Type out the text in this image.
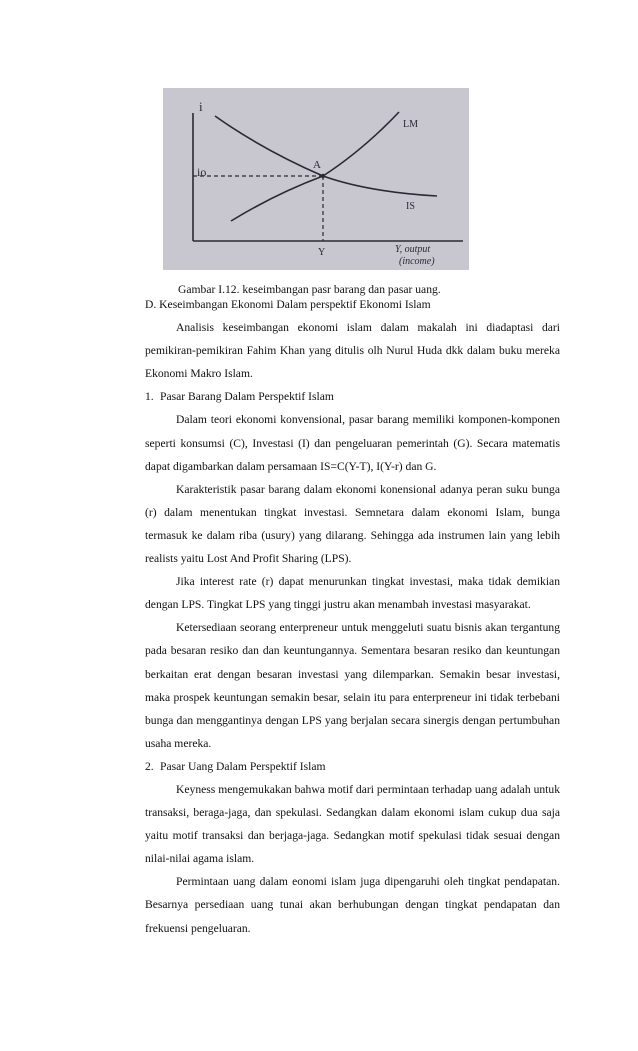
i
io	A
LM
IS
Y	Y, output
(income)
Gambar I.12. keseimbangan pasr barang dan pasar uang.

D. Keseimbangan Ekonomi Dalam perspektif Ekonomi Islam

Analisis keseimbangan ekonomi islam dalam makalah ini diadaptasi dari pemikiran-pemikiran Fahim Khan yang ditulis olh Nurul Huda dkk dalam buku mereka Ekonomi Makro Islam.

1. Pasar Barang Dalam Perspektif Islam

Dalam teori ekonomi konvensional, pasar barang memiliki komponen-komponen seperti konsumsi (C), Investasi (I) dan pengeluaran pemerintah (G). Secara matematis dapat digambarkan dalam persamaan IS=C(Y-T), I(Y-r) dan G.

Karakteristik pasar barang dalam ekonomi konensional adanya peran suku bunga (r) dalam menentukan tingkat investasi. Semnetara dalam ekonomi Islam, bunga termasuk ke dalam riba (usury) yang dilarang. Sehingga ada instrumen lain yang lebih realists yaitu Lost And Profit Sharing (LPS).

Jika interest rate (r) dapat menurunkan tingkat investasi, maka tidak demikian dengan LPS. Tingkat LPS yang tinggi justru akan menambah investasi masyarakat.

Ketersediaan seorang enterpreneur untuk menggeluti suatu bisnis akan tergantung pada besaran resiko dan dan keuntungannya. Sementara besaran resiko dan keuntungan berkaitan erat dengan besaran investasi yang dilemparkan. Semakin besar investasi, maka prospek keuntungan semakin besar, selain itu para enterpreneur ini tidak terbebani bunga dan menggantinya dengan LPS yang berjalan secara sinergis dengan pertumbuhan usaha mereka.

2. Pasar Uang Dalam Perspektif Islam

Keyness mengemukakan bahwa motif dari permintaan terhadap uang adalah untuk transaksi, beraga-jaga, dan spekulasi. Sedangkan dalam ekonomi islam cukup dua saja yaitu motif transaksi dan berjaga-jaga. Sedangkan motif spekulasi tidak sesuai dengan nilai-nilai agama islam.

Permintaan uang dalam eonomi islam juga dipengaruhi oleh tingkat pendapatan. Besarnya persediaan uang tunai akan berhubungan dengan tingkat pendapatan dan frekuensi pengeluaran.
